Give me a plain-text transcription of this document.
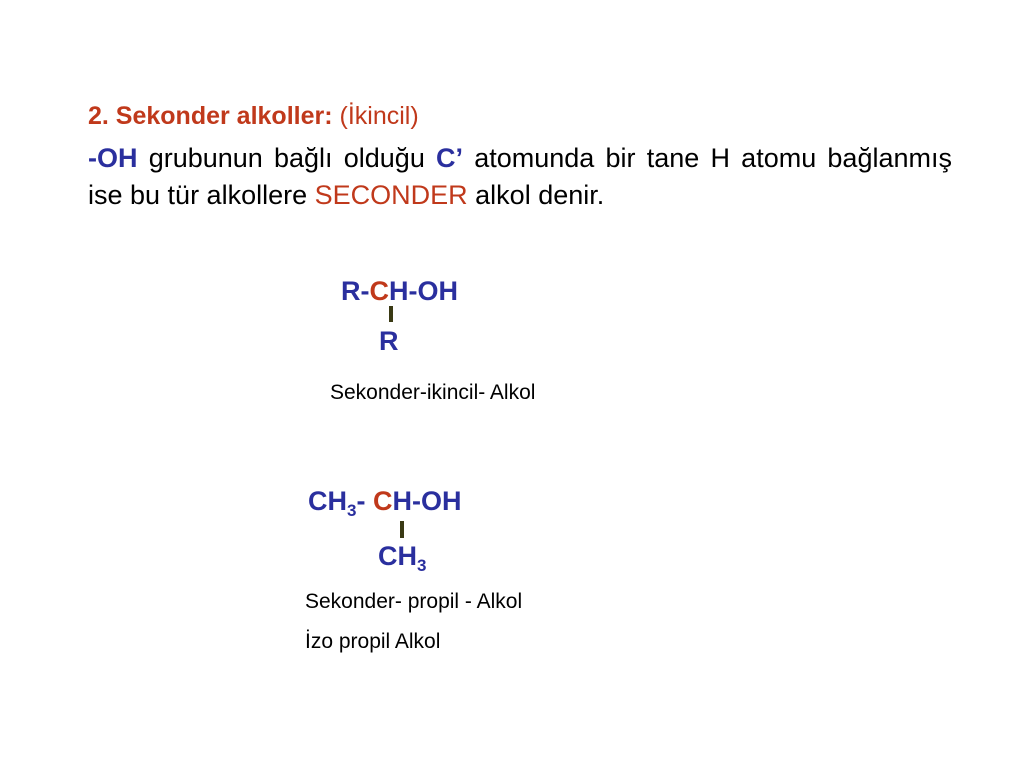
2. Sekonder alkoller: (İkincil)
-OH grubunun bağlı olduğu C’ atomunda bir tane H atomu bağlanmış ise bu tür alkollere SECONDER alkol denir.
R-CH-OH
R
Sekonder-ikincil- Alkol
$CH_3-$ CH-OH
$CH_3$
Sekonder- propil - Alkol
İzo propil Alkol
